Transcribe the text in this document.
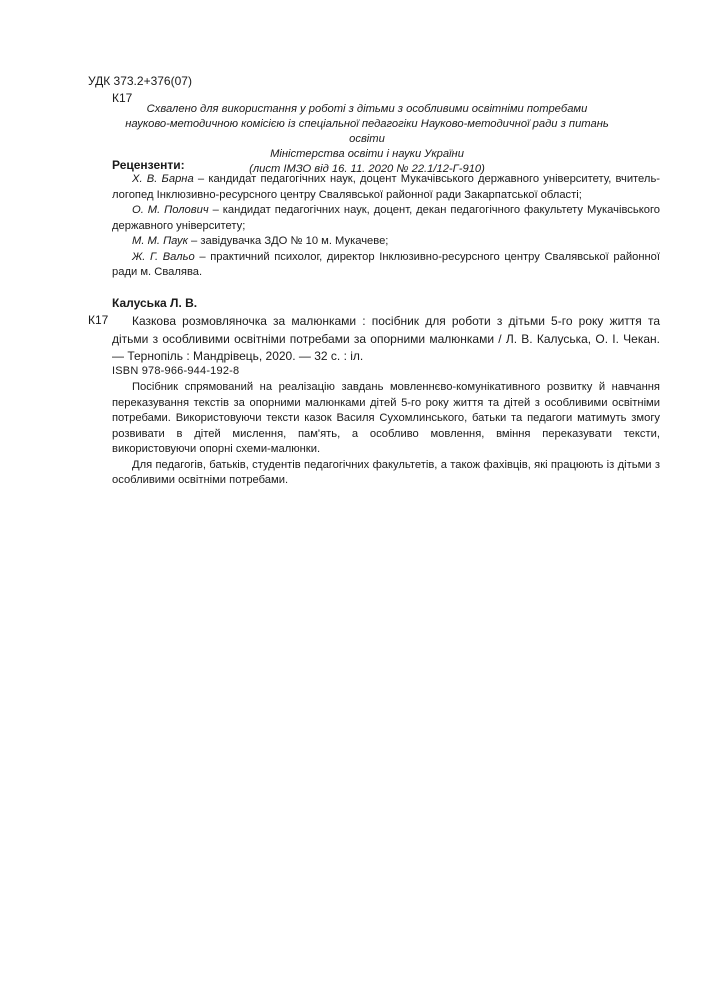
УДК 373.2+376(07)
К17
Схвалено для використання у роботі з дітьми з особливими освітніми потребами
науково-методичною комісією із спеціальної педагогіки Науково-методичної ради з питань освіти
Міністерства освіти і науки України
(лист ІМЗО від 16. 11. 2020 № 22.1/12-Г-910)
Рецензенти:

Х. В. Барна – кандидат педагогічних наук, доцент Мукачівського державного університету, вчитель-логопед Інклюзивно-ресурсного центру Свалявської районної ради Закарпатської області;

О. М. Полович – кандидат педагогічних наук, доцент, декан педагогічного факультету Мукачівського державного університету;

М. М. Паук – завідувачка ЗДО № 10 м. Мукачеве;

Ж. Г. Вальо – практичний психолог, директор Інклюзивно-ресурсного центру Свалявської районної ради м. Свалява.

Калуська Л. В.
К17	Казкова розмовляночка за малюнками : посібник для роботи з дітьми 5-го року життя та дітьми з особливими освітніми потребами за опорними малюнками / Л. В. Калуська, О. І. Чекан. — Тернопіль : Мандрівець, 2020. — 32 с. : іл.

ISBN 978-966-944-192-8

Посібник спрямований на реалізацію завдань мовленнєво-комунікативного розвитку й навчання переказування текстів за опорними малюнками дітей 5-го року життя та дітей з особливими освітніми потребами. Використовуючи тексти казок Василя Сухомлинського, батьки та педагоги матимуть змогу розвивати в дітей мислення, пам'ять, а особливо мовлення, вміння переказувати тексти, використовуючи опорні схеми-малюнки.

Для педагогів, батьків, студентів педагогічних факультетів, а також фахівців, які працюють із дітьми з особливими освітніми потребами.
